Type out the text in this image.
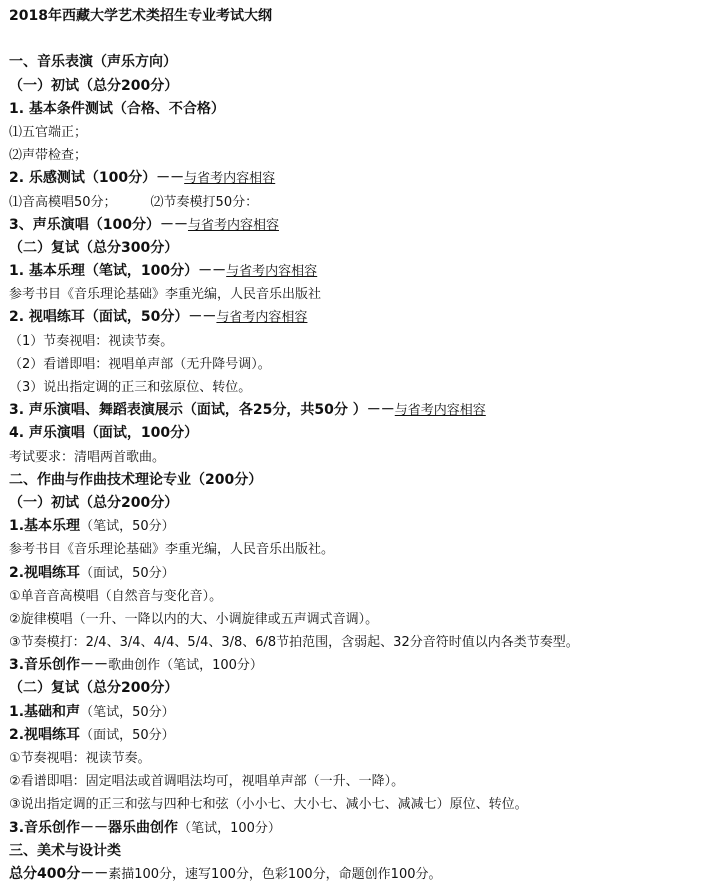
2018年西藏大学艺术类招生专业考试大纲
一、音乐表演（声乐方向）
（一）初试（总分200分）
1. 基本条件测试（合格、不合格）
⑴五官端正；
⑵声带检查；
2. 乐感测试（100分）－－与省考内容相容
⑴音高模唱50分；	⑵节奏模打50分：
3、声乐演唱（100分）－－与省考内容相容
（二）复试（总分300分）
1. 基本乐理（笔试，100分）－－与省考内容相容
参考书目《音乐理论基础》李重光编，人民音乐出版社
2. 视唱练耳（面试，50分）－－与省考内容相容
（1）节奏视唱：视读节奏。
（2）看谱即唱：视唱单声部（无升降号调）。
（3）说出指定调的正三和弦原位、转位。
3. 声乐演唱、舞蹈表演展示（面试，各25分，共50分 ）－－与省考内容相容
4. 声乐演唱（面试，100分）
考试要求：清唱两首歌曲。
二、作曲与作曲技术理论专业（200分）
（一）初试（总分200分）
1.基本乐理（笔试，50分）
参考书目《音乐理论基础》李重光编，人民音乐出版社。
2.视唱练耳（面试，50分）
①单音音高模唱（自然音与变化音）。
②旋律模唱（一升、一降以内的大、小调旋律或五声调式音调）。
③节奏模打：2/4、3/4、4/4、5/4、3/8、6/8节拍范围，含弱起、32分音符时值以内各类节奏型。
3.音乐创作－－歌曲创作（笔试，100分）
（二）复试（总分200分）
1.基础和声（笔试，50分）
2.视唱练耳（面试，50分）
①节奏视唱：视读节奏。
②看谱即唱：固定唱法或首调唱法均可，视唱单声部（一升、一降）。
③说出指定调的正三和弦与四种七和弦（小小七、大小七、减小七、减减七）原位、转位。
3.音乐创作－－器乐曲创作（笔试，100分）
三、美术与设计类
总分400分－－素描100分，速写100分，色彩100分，命题创作100分。
